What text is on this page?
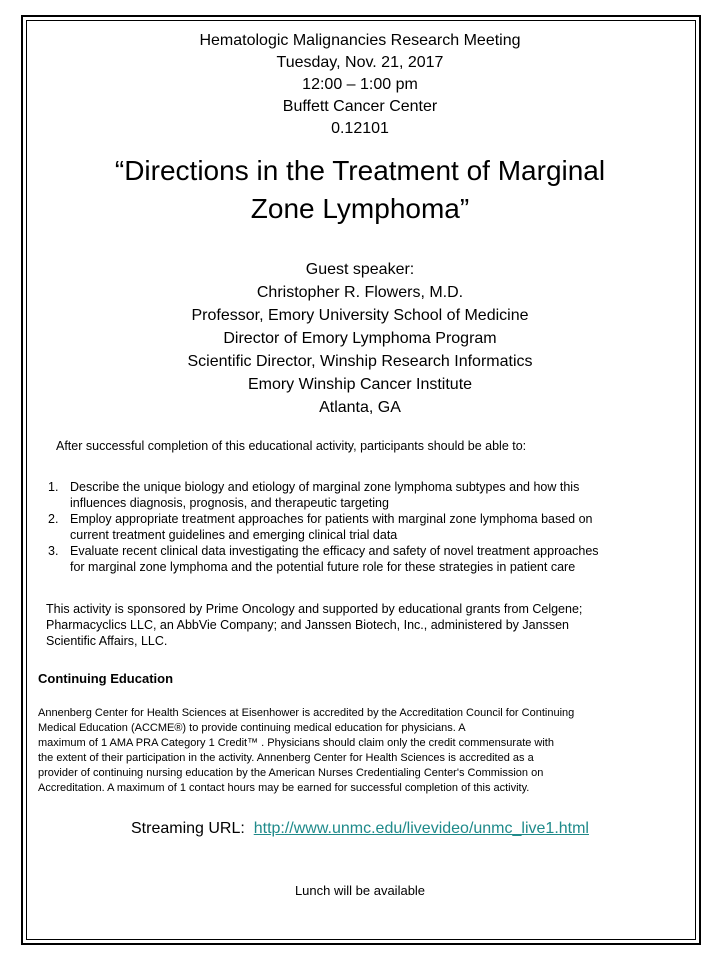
Hematologic Malignancies Research Meeting
Tuesday, Nov. 21, 2017
12:00 – 1:00 pm
Buffett Cancer Center
0.12101
“Directions in the Treatment of Marginal
Zone Lymphoma”
Guest speaker:
Christopher R. Flowers, M.D.
Professor, Emory University School of Medicine
Director of Emory Lymphoma Program
Scientific Director, Winship Research Informatics
Emory Winship Cancer Institute
Atlanta, GA
After successful completion of this educational activity, participants should be able to:
1. Describe the unique biology and etiology of marginal zone lymphoma subtypes and how this
influences diagnosis, prognosis, and therapeutic targeting
2. Employ appropriate treatment approaches for patients with marginal zone lymphoma based on
current treatment guidelines and emerging clinical trial data
3. Evaluate recent clinical data investigating the efficacy and safety of novel treatment approaches
for marginal zone lymphoma and the potential future role for these strategies in patient care
This activity is sponsored by Prime Oncology and supported by educational grants from Celgene;
Pharmacyclics LLC, an AbbVie Company; and Janssen Biotech, Inc., administered by Janssen
Scientific Affairs, LLC.
Continuing Education
Annenberg Center for Health Sciences at Eisenhower is accredited by the Accreditation Council for Continuing
Medical Education (ACCME®) to provide continuing medical education for physicians. A
maximum of 1 AMA PRA Category 1 Credit™ . Physicians should claim only the credit commensurate with
the extent of their participation in the activity. Annenberg Center for Health Sciences is accredited as a
provider of continuing nursing education by the American Nurses Credentialing Center's Commission on
Accreditation. A maximum of 1 contact hours may be earned for successful completion of this activity.
Streaming URL: http://www.unmc.edu/livevideo/unmc_live1.html
Lunch will be available
